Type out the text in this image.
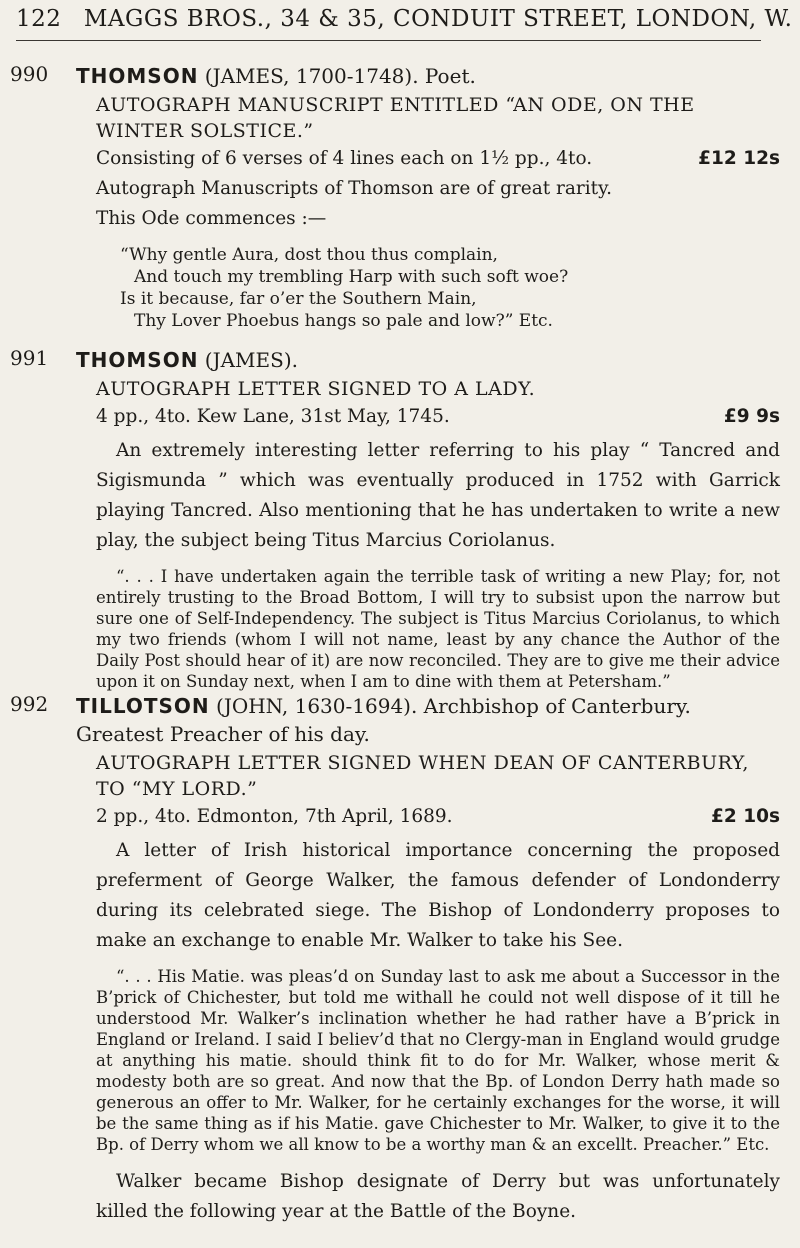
122 MAGGS BROS., 34 & 35, CONDUIT STREET, LONDON, W.
990 THOMSON (JAMES, 1700-1748). Poet.
AUTOGRAPH MANUSCRIPT ENTITLED “AN ODE, ON THE WINTER SOLSTICE.”
Consisting of 6 verses of 4 lines each on 1½ pp., 4to.	£12 12s
Autograph Manuscripts of Thomson are of great rarity.
This Ode commences :—
“Why gentle Aura, dost thou thus complain,
And touch my trembling Harp with such soft woe?
Is it because, far o’er the Southern Main,
Thy Lover Phoebus hangs so pale and low?” Etc.
991 THOMSON (JAMES).
AUTOGRAPH LETTER SIGNED TO A LADY.
4 pp., 4to. Kew Lane, 31st May, 1745.	£9 9s
An extremely interesting letter referring to his play “ Tancred and Sigismunda ” which was eventually produced in 1752 with Garrick playing Tancred. Also mentioning that he has undertaken to write a new play, the subject being Titus Marcius Coriolanus.
“. . . I have undertaken again the terrible task of writing a new Play; for, not entirely trusting to the Broad Bottom, I will try to subsist upon the narrow but sure one of Self-Independency. The subject is Titus Marcius Coriolanus, to which my two friends (whom I will not name, least by any chance the Author of the Daily Post should hear of it) are now reconciled. They are to give me their advice upon it on Sunday next, when I am to dine with them at Petersham.”
992 TILLOTSON (JOHN, 1630-1694). Archbishop of Canterbury. Greatest Preacher of his day.
AUTOGRAPH LETTER SIGNED WHEN DEAN OF CANTERBURY, TO “MY LORD.”
2 pp., 4to. Edmonton, 7th April, 1689.	£2 10s
A letter of Irish historical importance concerning the proposed preferment of George Walker, the famous defender of Londonderry during its celebrated siege. The Bishop of Londonderry proposes to make an exchange to enable Mr. Walker to take his See.
“. . . His Matie. was pleas’d on Sunday last to ask me about a Successor in the B’prick of Chichester, but told me withall he could not well dispose of it till he understood Mr. Walker’s inclination whether he had rather have a B’prick in England or Ireland. I said I believ’d that no Clergy-man in England would grudge at anything his matie. should think fit to do for Mr. Walker, whose merit & modesty both are so great. And now that the Bp. of London Derry hath made so generous an offer to Mr. Walker, for he certainly exchanges for the worse, it will be the same thing as if his Matie. gave Chichester to Mr. Walker, to give it to the Bp. of Derry whom we all know to be a worthy man & an excellt. Preacher.” Etc.
Walker became Bishop designate of Derry but was unfortunately killed the following year at the Battle of the Boyne.
